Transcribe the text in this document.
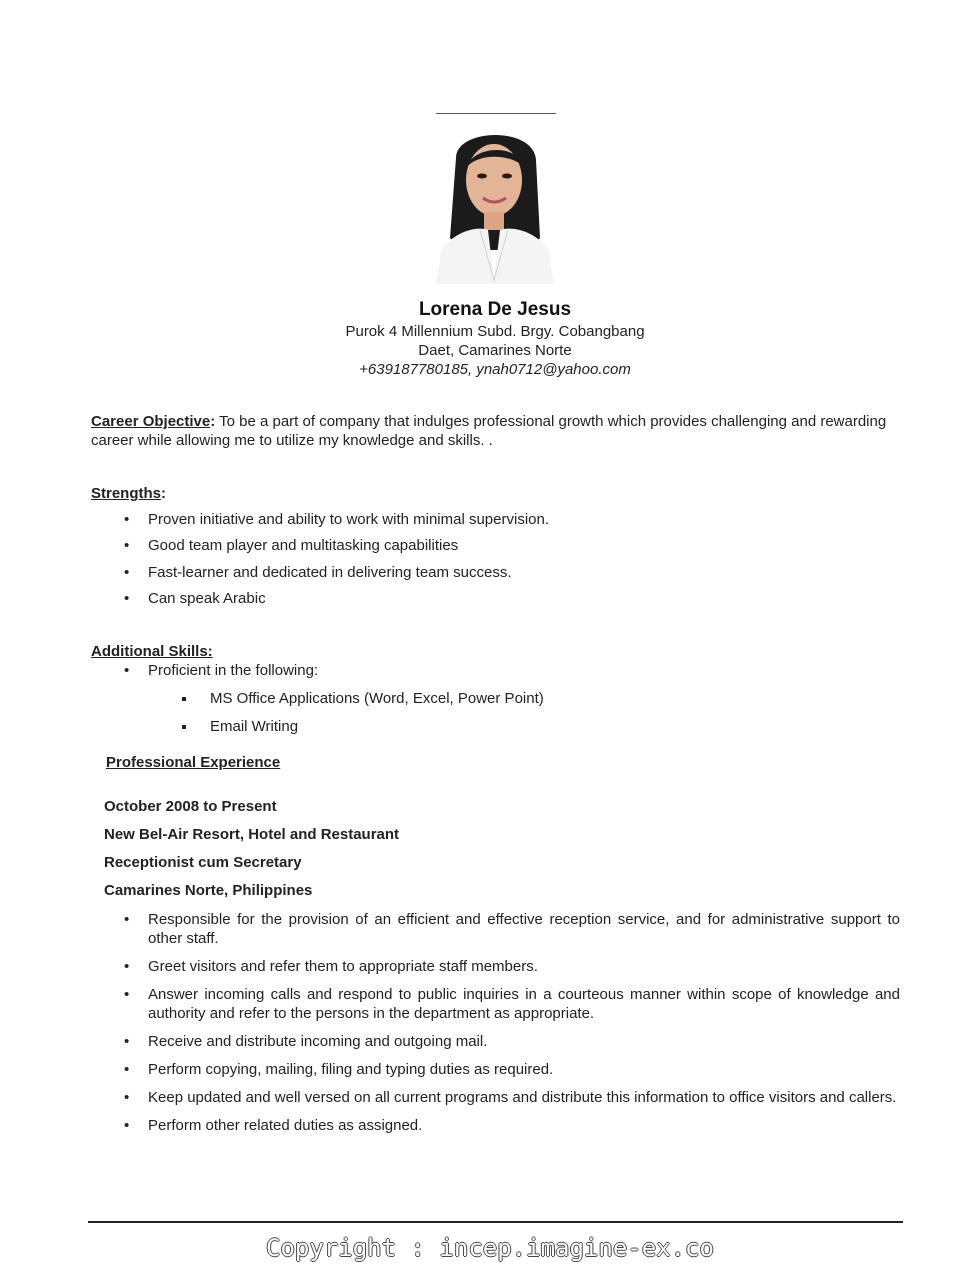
Lorena De Jesus
Purok 4 Millennium Subd. Brgy. Cobangbang
Daet, Camarines Norte
+639187780185, ynah0712@yahoo.com
Career Objective: To be a part of company that indulges professional growth which provides challenging and rewarding career while allowing me to utilize my knowledge and skills. .
Strengths:
• Proven initiative and ability to work with minimal supervision.
• Good team player and multitasking capabilities
• Fast-learner and dedicated in delivering team success.
• Can speak Arabic
Additional Skills:
• Proficient in the following:
MS Office Applications (Word, Excel, Power Point)
Email Writing
Professional Experience
October 2008 to Present
New Bel-Air Resort, Hotel and Restaurant
Receptionist cum Secretary
Camarines Norte, Philippines
• Responsible for the provision of an efficient and effective reception service, and for administrative support to other staff.
• Greet visitors and refer them to appropriate staff members.
• Answer incoming calls and respond to public inquiries in a courteous manner within scope of knowledge and authority and refer to the persons in the department as appropriate.
• Receive and distribute incoming and outgoing mail.
• Perform copying, mailing, filing and typing duties as required.
• Keep updated and well versed on all current programs and distribute this information to office visitors and callers.
• Perform other related duties as assigned.
Copyright : incep.imagine-ex.co
